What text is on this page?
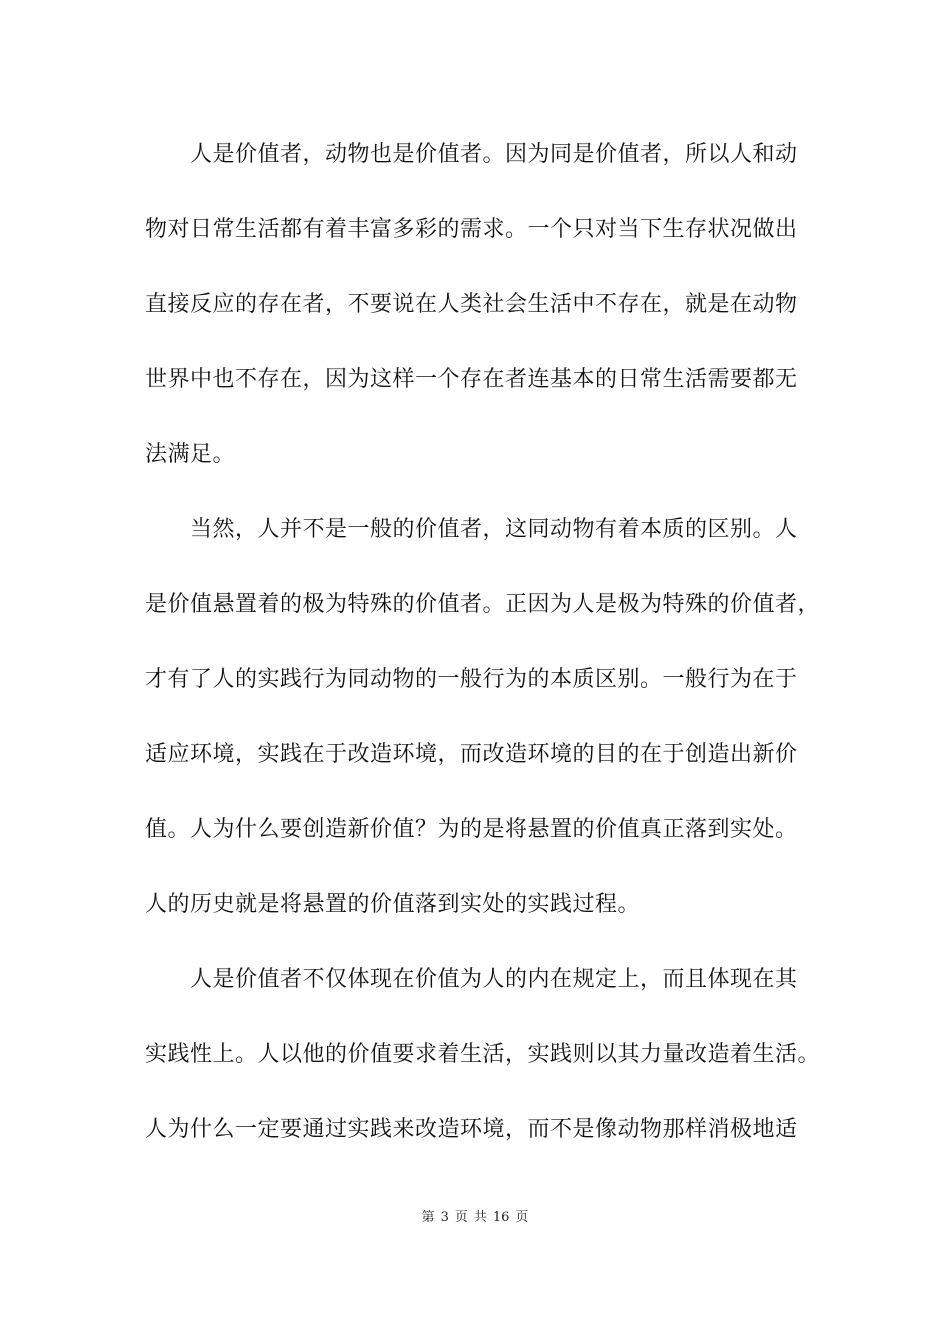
人是价值者，动物也是价值者。因为同是价值者，所以人和动
物对日常生活都有着丰富多彩的需求。一个只对当下生存状况做出
直接反应的存在者，不要说在人类社会生活中不存在，就是在动物
世界中也不存在，因为这样一个存在者连基本的日常生活需要都无
法满足。
当然，人并不是一般的价值者，这同动物有着本质的区别。人
是价值悬置着的极为特殊的价值者。正因为人是极为特殊的价值者，
才有了人的实践行为同动物的一般行为的本质区别。一般行为在于
适应环境，实践在于改造环境，而改造环境的目的在于创造出新价
值。人为什么要创造新价值？为的是将悬置的价值真正落到实处。
人的历史就是将悬置的价值落到实处的实践过程。
人是价值者不仅体现在价值为人的内在规定上，而且体现在其
实践性上。人以他的价值要求着生活，实践则以其力量改造着生活。
人为什么一定要通过实践来改造环境，而不是像动物那样消极地适
第 3 页 共 16 页
